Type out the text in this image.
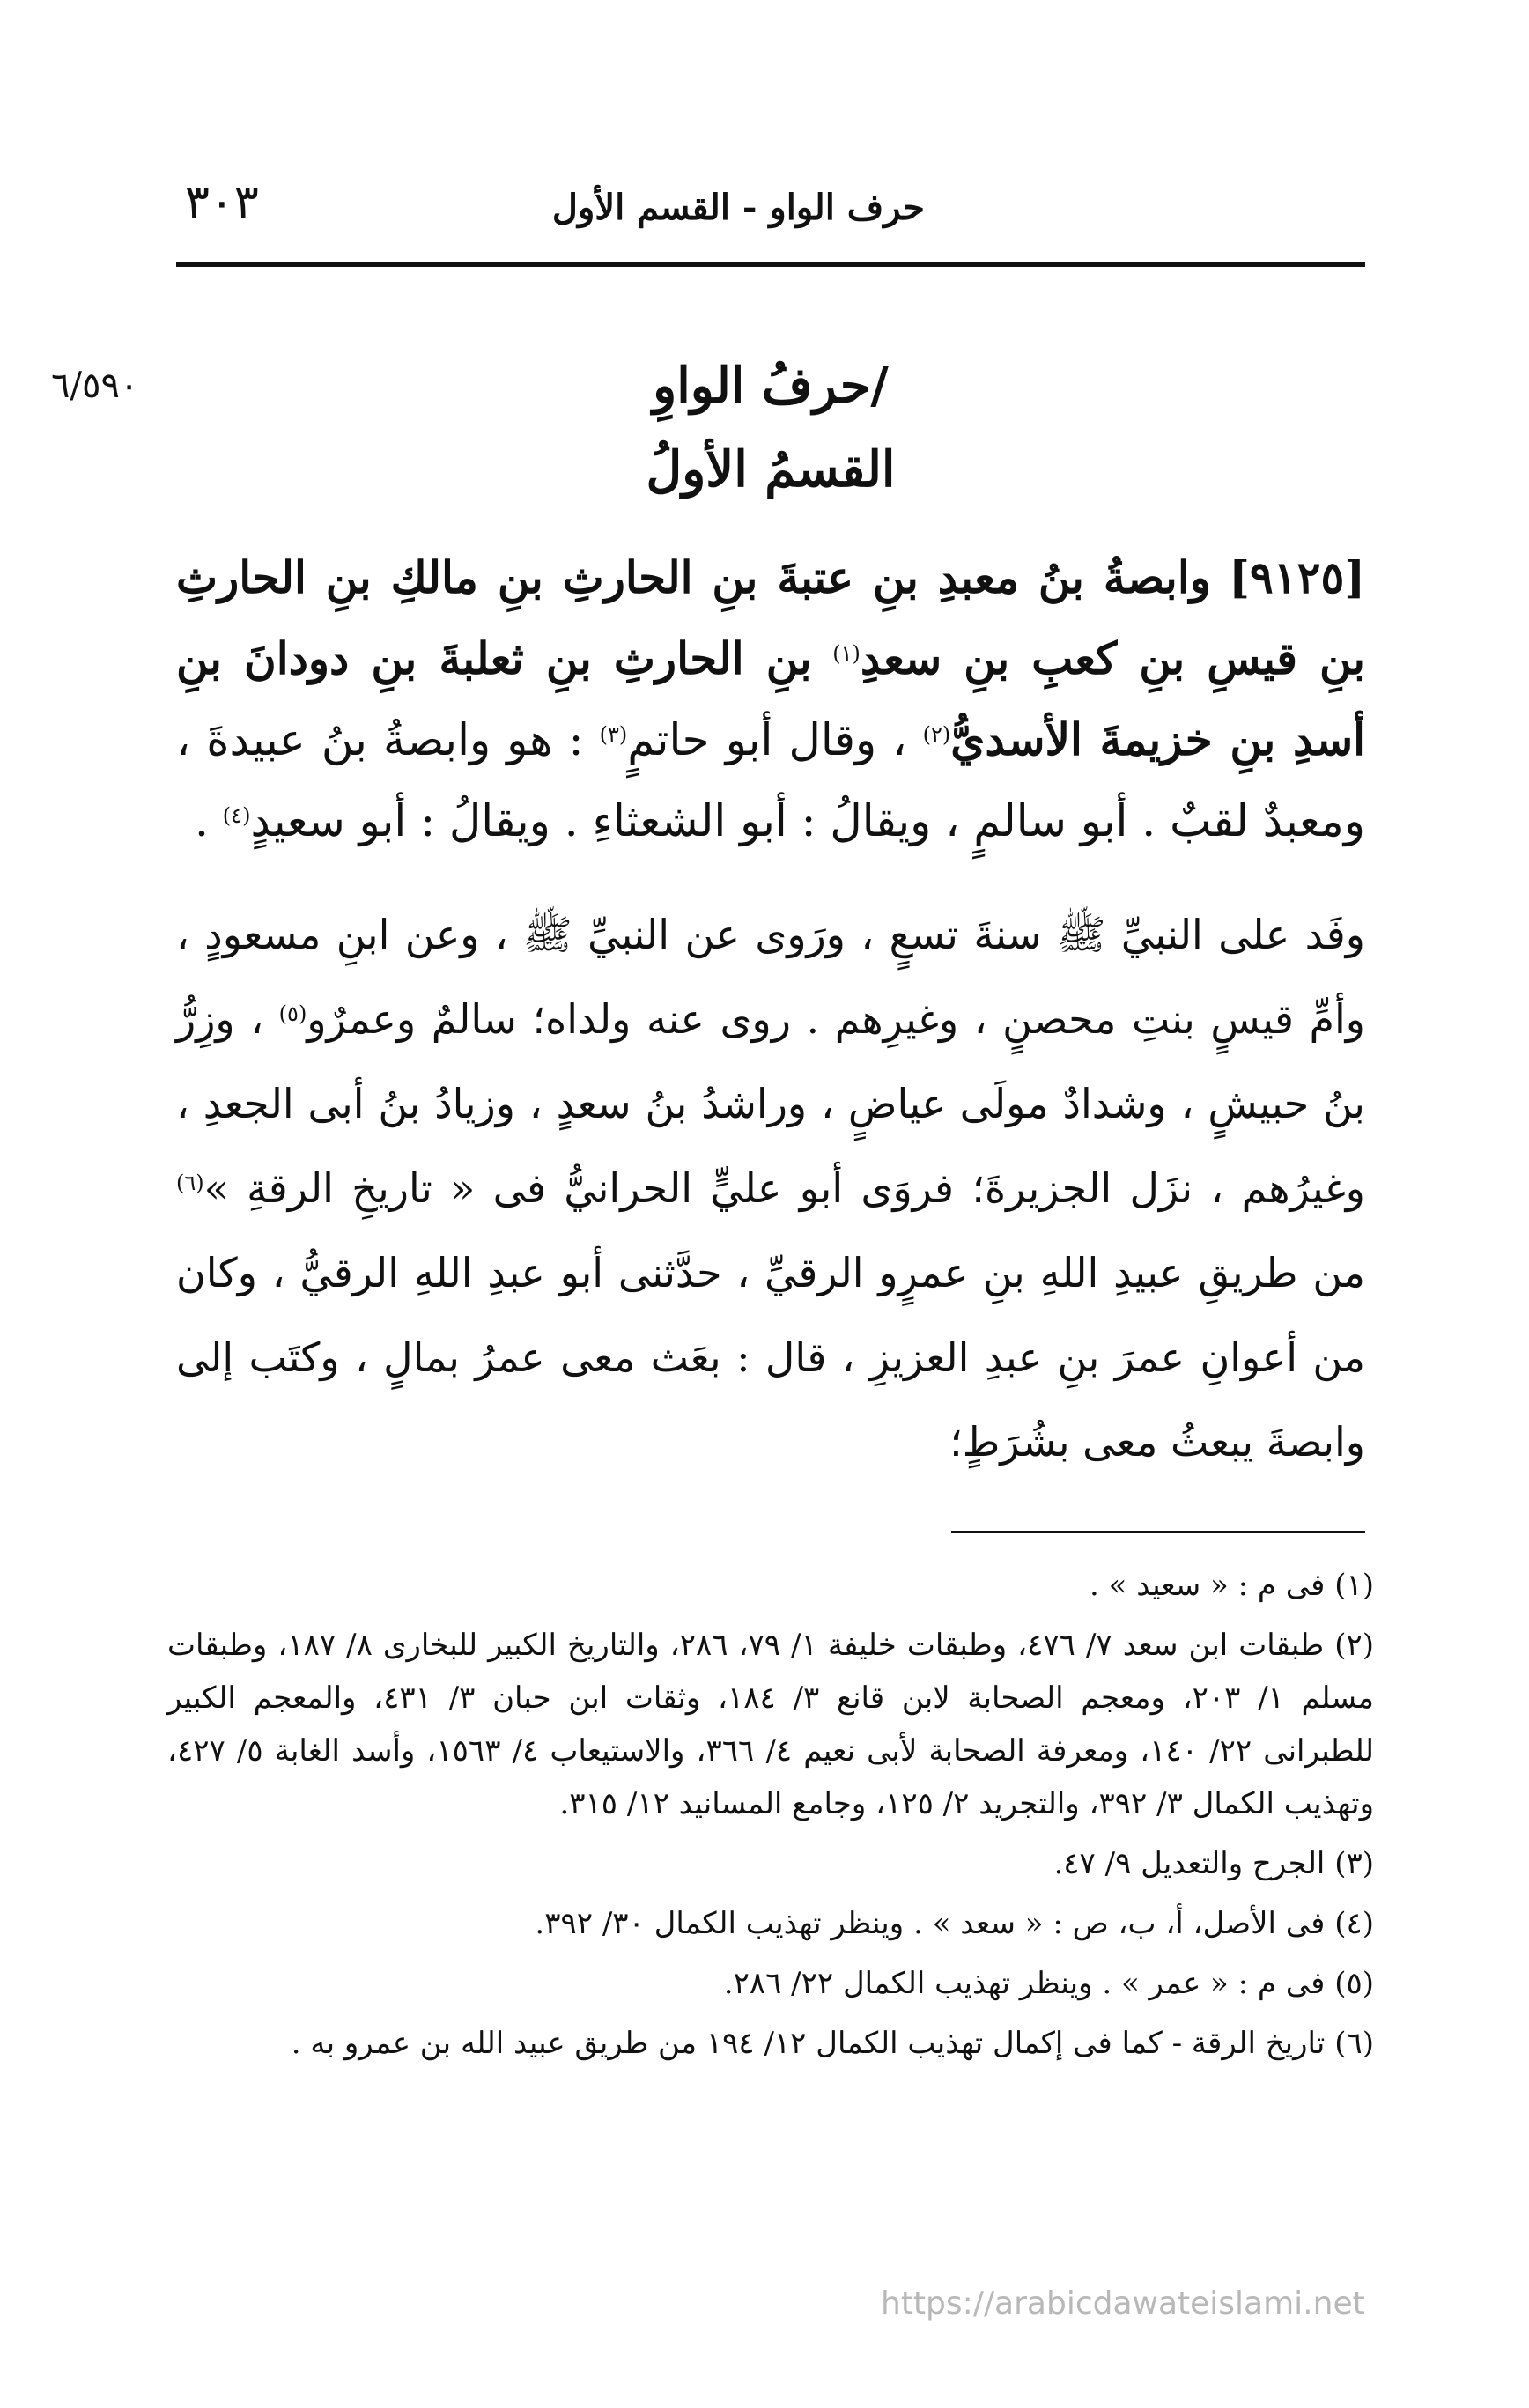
حرف الواو - القسم الأول
٣٠٣
٦/٥٩٠	/حرفُ الواوِ
القسمُ الأولُ

[٩١٢٥] وابصةُ بنُ معبدِ بنِ عتبةَ بنِ الحارثِ بنِ مالكِ بنِ الحارثِ بنِ قيسِ بنِ كعبِ بنِ سعدِ$^{(١)}$ بنِ الحارثِ بنِ ثعلبةَ بنِ دودانَ بنِ أسدِ بنِ خزيمةَ الأسديُّ$^{(٢)}$ ، وقال أبو حاتمٍ$^{(٣)}$ : هو وابصةُ بنُ عبيدةَ ، ومعبدٌ لقبٌ . أبو سالمٍ ، ويقالُ : أبو الشعثاءِ . ويقالُ : أبو سعيدٍ$^{(٤)}$ .

وفَد على النبيِّ ﷺ سنةَ تسعٍ ، ورَوى عن النبيِّ ﷺ ، وعن ابنِ مسعودٍ ، وأمِّ قيسٍ بنتِ محصنٍ ، وغيرِهم . روى عنه ولداه؛ سالمٌ وعمرٌو$^{(٥)}$ ، وزِرُّ بنُ حبيشٍ ، وشدادٌ مولَى عياضٍ ، وراشدُ بنُ سعدٍ ، وزيادُ بنُ أبى الجعدِ ، وغيرُهم ، نزَل الجزيرةَ؛ فروَى أبو عليٍّ الحرانيُّ فى « تاريخِ الرقةِ »$^{(٦)}$ من طريقِ عبيدِ اللهِ بنِ عمرٍو الرقيِّ ، حدَّثنى أبو عبدِ اللهِ الرقيُّ ، وكان من أعوانِ عمرَ بنِ عبدِ العزيزِ ، قال : بعَث معى عمرُ بمالٍ ، وكتَب إلى وابصةَ يبعثُ معى بشُرَطٍ؛

(١) فى م : « سعيد » .

(٢) طبقات ابن سعد ٧/ ٤٧٦، وطبقات خليفة ١/ ٧٩، ٢٨٦، والتاريخ الكبير للبخارى ٨/ ١٨٧، وطبقات مسلم ١/ ٢٠٣، ومعجم الصحابة لابن قانع ٣/ ١٨٤، وثقات ابن حبان ٣/ ٤٣١، والمعجم الكبير للطبرانى ٢٢/ ١٤٠، ومعرفة الصحابة لأبى نعيم ٤/ ٣٦٦، والاستيعاب ٤/ ١٥٦٣، وأسد الغابة ٥/ ٤٢٧، وتهذيب الكمال ٣/ ٣٩٢، والتجريد ٢/ ١٢٥، وجامع المسانيد ١٢/ ٣١٥.

(٣) الجرح والتعديل ٩/ ٤٧.

(٤) فى الأصل، أ، ب، ص : « سعد » . وينظر تهذيب الكمال ٣٠/ ٣٩٢.

(٥) فى م : « عمر » . وينظر تهذيب الكمال ٢٢/ ٢٨٦.

(٦) تاريخ الرقة - كما فى إكمال تهذيب الكمال ١٢/ ١٩٤ من طريق عبيد الله بن عمرو به .

https://arabicdawateislami.net
